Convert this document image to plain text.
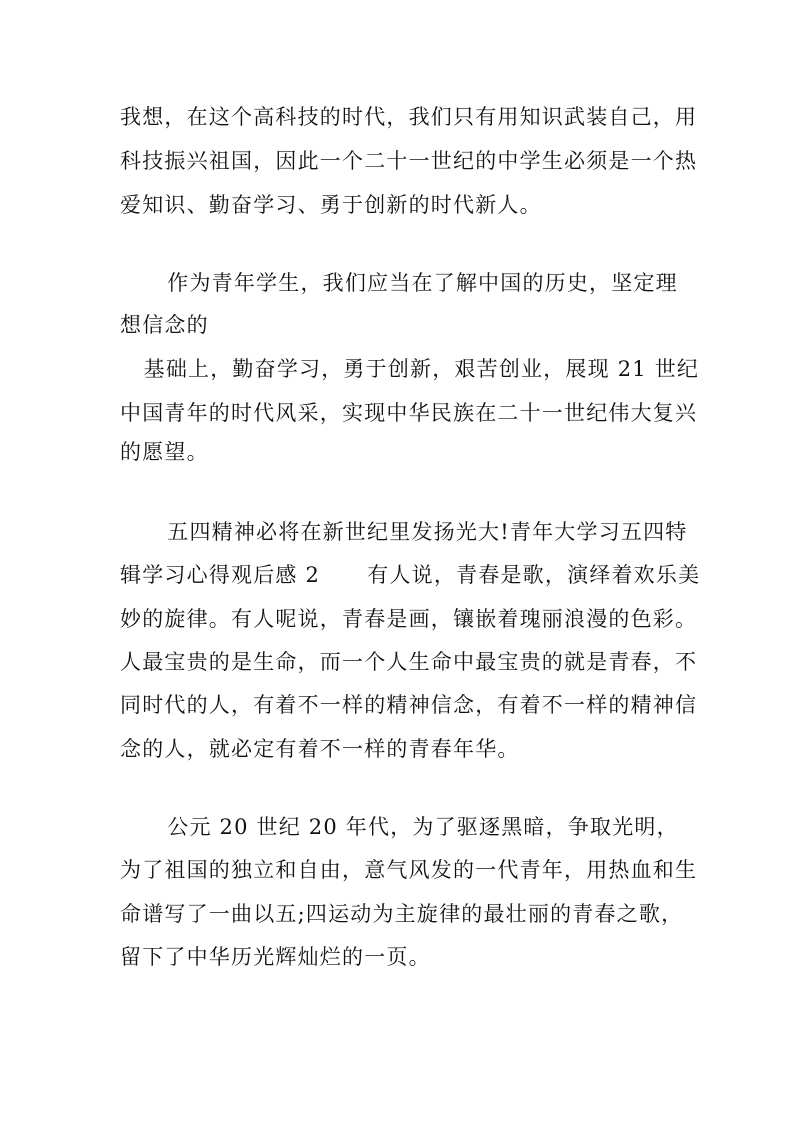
我想，在这个高科技的时代，我们只有用知识武装自己，用
科技振兴祖国，因此一个二十一世纪的中学生必须是一个热
爱知识、勤奋学习、勇于创新的时代新人。
作为青年学生，我们应当在了解中国的历史，坚定理
想信念的
基础上，勤奋学习，勇于创新，艰苦创业，展现 21 世纪
中国青年的时代风采，实现中华民族在二十一世纪伟大复兴
的愿望。
五四精神必将在新世纪里发扬光大!青年大学习五四特
辑学习心得观后感 2      有人说，青春是歌，演绎着欢乐美
妙的旋律。有人呢说，青春是画，镶嵌着瑰丽浪漫的色彩。
人最宝贵的是生命，而一个人生命中最宝贵的就是青春，不
同时代的人，有着不一样的精神信念，有着不一样的精神信
念的人，就必定有着不一样的青春年华。
公元 20 世纪 20 年代，为了驱逐黑暗，争取光明，
为了祖国的独立和自由，意气风发的一代青年，用热血和生
命谱写了一曲以五;四运动为主旋律的最壮丽的青春之歌，
留下了中华历光辉灿烂的一页。
